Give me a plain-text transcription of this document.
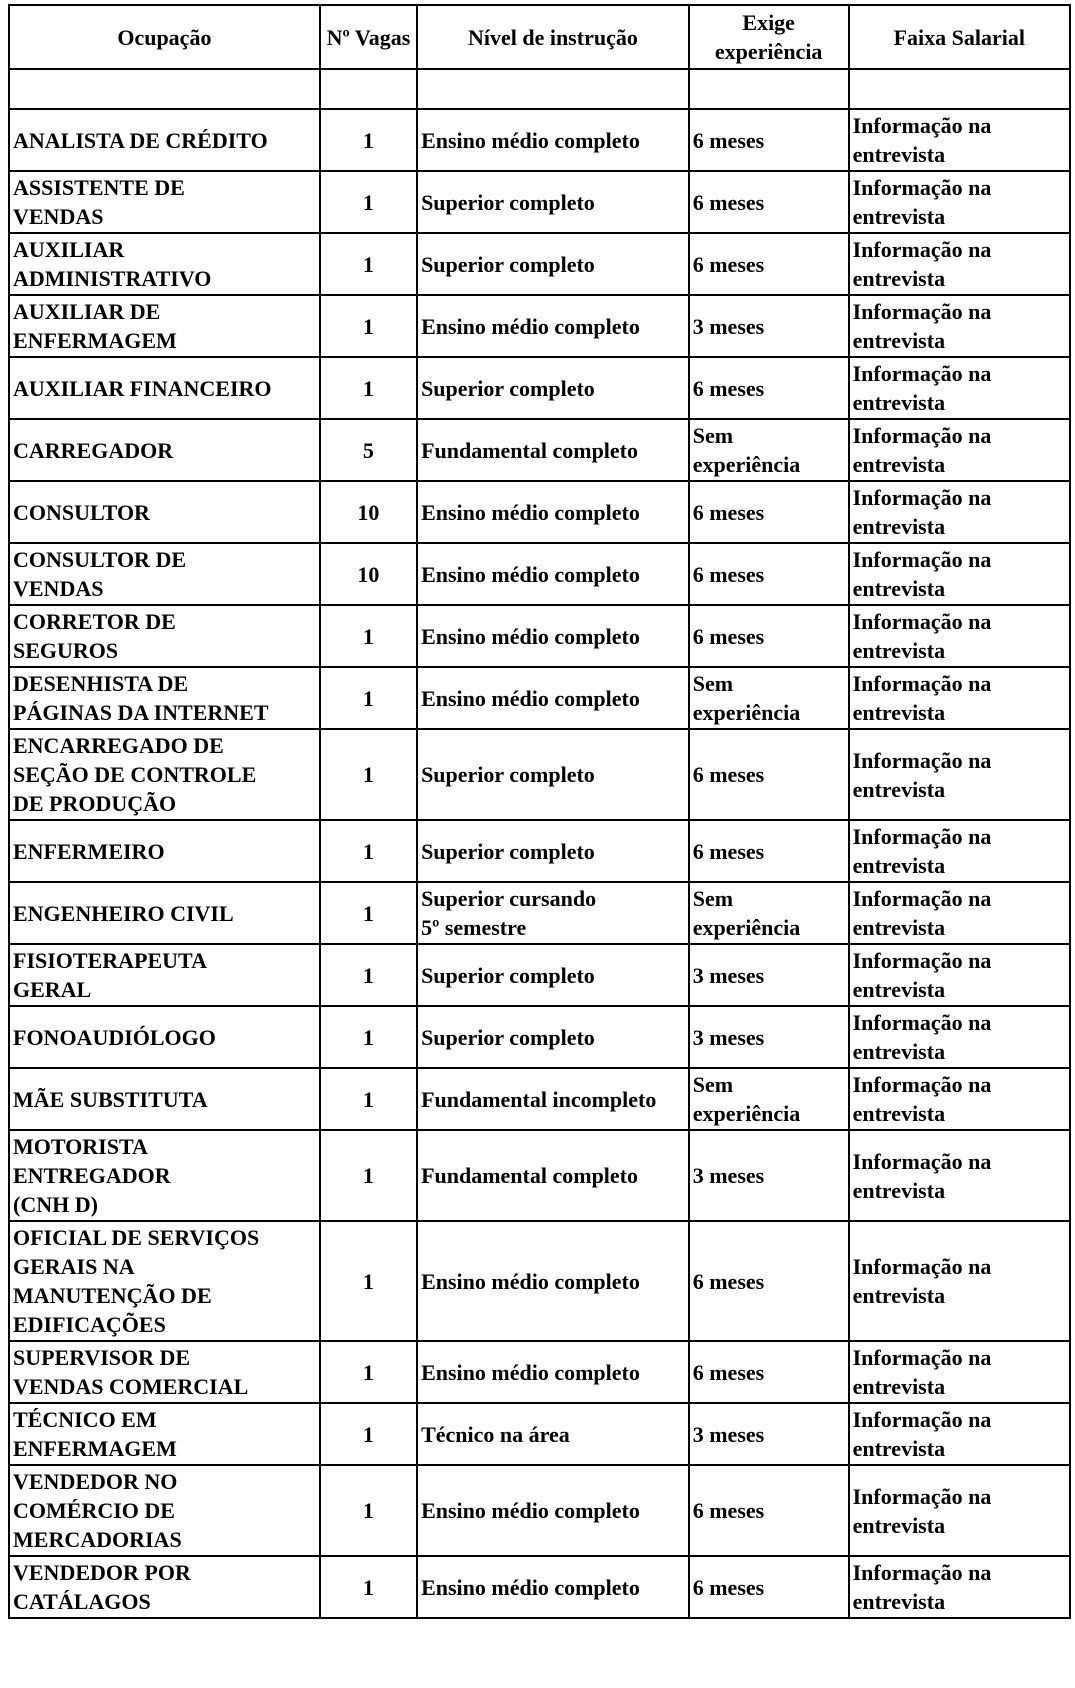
Ocupação	Nº Vagas	Nível de instrução	Exige
experiência	Faixa Salarial

ANALISTA DE CRÉDITO	1	Ensino médio completo	6 meses	Informação na
entrevista
ASSISTENTE DE
VENDAS	1	Superior completo	6 meses	Informação na
entrevista
AUXILIAR
ADMINISTRATIVO	1	Superior completo	6 meses	Informação na
entrevista
AUXILIAR DE
ENFERMAGEM	1	Ensino médio completo	3 meses	Informação na
entrevista
AUXILIAR FINANCEIRO	1	Superior completo	6 meses	Informação na
entrevista
CARREGADOR	5	Fundamental completo	Sem
experiência	Informação na
entrevista
CONSULTOR	10	Ensino médio completo	6 meses	Informação na
entrevista
CONSULTOR DE
VENDAS	10	Ensino médio completo	6 meses	Informação na
entrevista
CORRETOR DE
SEGUROS	1	Ensino médio completo	6 meses	Informação na
entrevista
DESENHISTA DE
PÁGINAS DA INTERNET	1	Ensino médio completo	Sem
experiência	Informação na
entrevista
ENCARREGADO DE
SEÇÃO DE CONTROLE
DE PRODUÇÃO	1	Superior completo	6 meses	Informação na
entrevista
ENFERMEIRO	1	Superior completo	6 meses	Informação na
entrevista
ENGENHEIRO CIVIL	1	Superior cursando
5º semestre	Sem
experiência	Informação na
entrevista
FISIOTERAPEUTA
GERAL	1	Superior completo	3 meses	Informação na
entrevista
FONOAUDIÓLOGO	1	Superior completo	3 meses	Informação na
entrevista
MÃE SUBSTITUTA	1	Fundamental incompleto	Sem
experiência	Informação na
entrevista
MOTORISTA
ENTREGADOR
(CNH D)	1	Fundamental completo	3 meses	Informação na
entrevista
OFICIAL DE SERVIÇOS
GERAIS NA
MANUTENÇÃO DE
EDIFICAÇÕES	1	Ensino médio completo	6 meses	Informação na
entrevista
SUPERVISOR DE
VENDAS COMERCIAL	1	Ensino médio completo	6 meses	Informação na
entrevista
TÉCNICO EM
ENFERMAGEM	1	Técnico na área	3 meses	Informação na
entrevista
VENDEDOR NO
COMÉRCIO DE
MERCADORIAS	1	Ensino médio completo	6 meses	Informação na
entrevista
VENDEDOR POR
CATÁLAGOS	1	Ensino médio completo	6 meses	Informação na
entrevista
